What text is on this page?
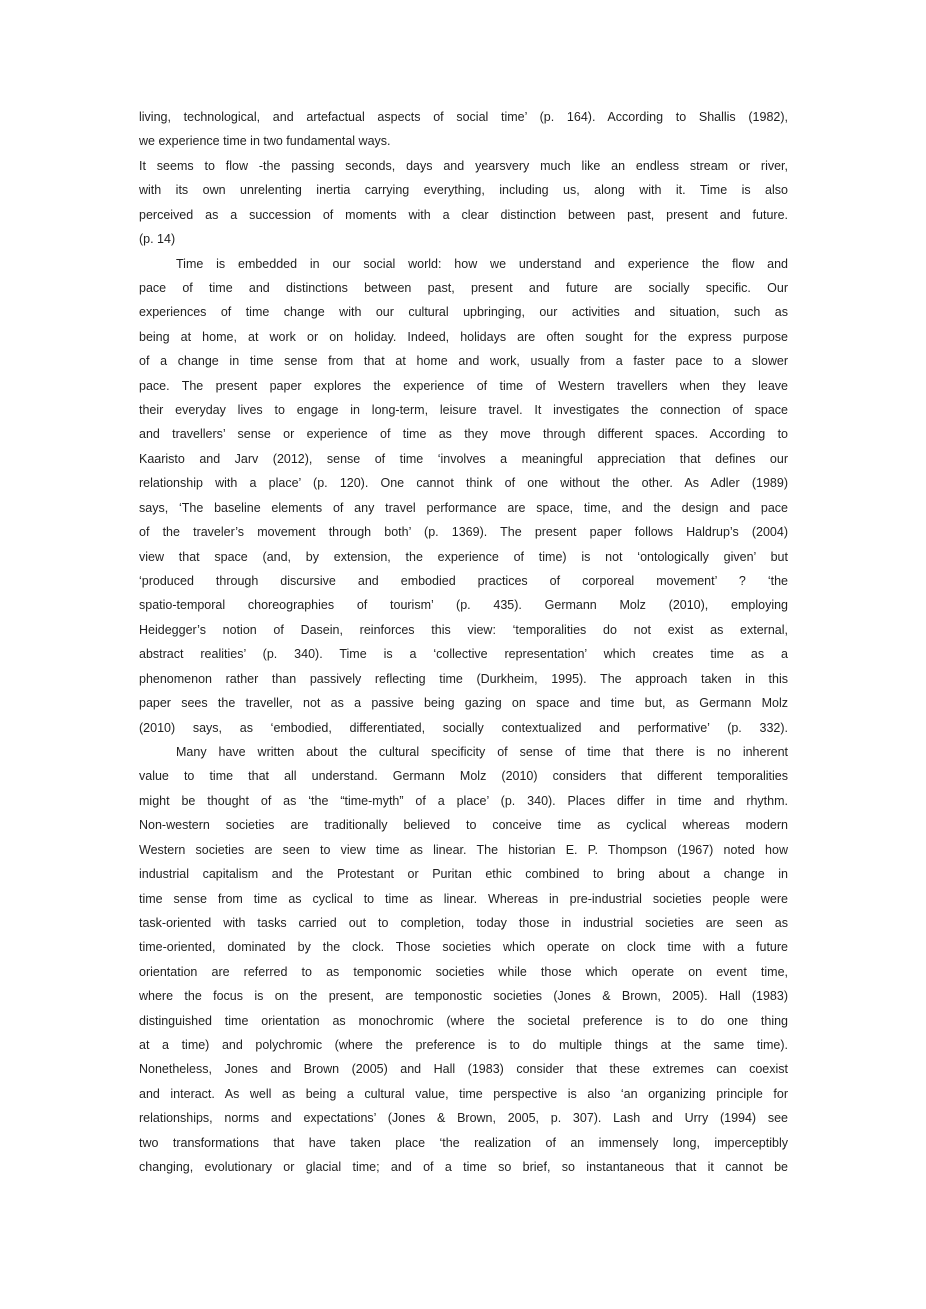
living, technological, and artefactual aspects of social time’ (p. 164). According to Shallis (1982),
we experience time in two fundamental ways.
It seems to flow -the passing seconds, days and yearsvery much like an endless stream or river,
with its own unrelenting inertia carrying everything, including us, along with it. Time is also
perceived as a succession of moments with a clear distinction between past, present and future.
(p. 14)
Time is embedded in our social world: how we understand and experience the flow and
pace of time and distinctions between past, present and future are socially specific. Our
experiences of time change with our cultural upbringing, our activities and situation, such as
being at home, at work or on holiday. Indeed, holidays are often sought for the express purpose
of a change in time sense from that at home and work, usually from a faster pace to a slower
pace. The present paper explores the experience of time of Western travellers when they leave
their everyday lives to engage in long-term, leisure travel. It investigates the connection of space
and travellers’ sense or experience of time as they move through different spaces. According to
Kaaristo and Jarv (2012), sense of time ‘involves a meaningful appreciation that defines our
relationship with a place’ (p. 120). One cannot think of one without the other. As Adler (1989)
says, ‘The baseline elements of any travel performance are space, time, and the design and pace
of the traveler’s movement through both’ (p. 1369). The present paper follows Haldrup’s (2004)
view that space (and, by extension, the experience of time) is not ‘ontologically given’ but
‘produced through discursive and embodied practices of corporeal movement’ ? ‘the
spatio-temporal choreographies of tourism’ (p. 435). Germann Molz (2010), employing
Heidegger’s notion of Dasein, reinforces this view: ‘temporalities do not exist as external,
abstract realities’ (p. 340). Time is a ‘collective representation’ which creates time as a
phenomenon rather than passively reflecting time (Durkheim, 1995). The approach taken in this
paper sees the traveller, not as a passive being gazing on space and time but, as Germann Molz
(2010) says, as ‘embodied, differentiated, socially contextualized and performative’ (p. 332).
Many have written about the cultural specificity of sense of time that there is no inherent
value to time that all understand. Germann Molz (2010) considers that different temporalities
might be thought of as ‘the “time-myth” of a place’ (p. 340). Places differ in time and rhythm.
Non-western societies are traditionally believed to conceive time as cyclical whereas modern
Western societies are seen to view time as linear. The historian E. P. Thompson (1967) noted how
industrial capitalism and the Protestant or Puritan ethic combined to bring about a change in
time sense from time as cyclical to time as linear. Whereas in pre-industrial societies people were
task-oriented with tasks carried out to completion, today those in industrial societies are seen as
time-oriented, dominated by the clock. Those societies which operate on clock time with a future
orientation are referred to as temponomic societies while those which operate on event time,
where the focus is on the present, are temponostic societies (Jones & Brown, 2005). Hall (1983)
distinguished time orientation as monochromic (where the societal preference is to do one thing
at a time) and polychromic (where the preference is to do multiple things at the same time).
Nonetheless, Jones and Brown (2005) and Hall (1983) consider that these extremes can coexist
and interact. As well as being a cultural value, time perspective is also ‘an organizing principle for
relationships, norms and expectations’ (Jones & Brown, 2005, p. 307). Lash and Urry (1994) see
two transformations that have taken place ‘the realization of an immensely long, imperceptibly
changing, evolutionary or glacial time; and of a time so brief, so instantaneous that it cannot be
